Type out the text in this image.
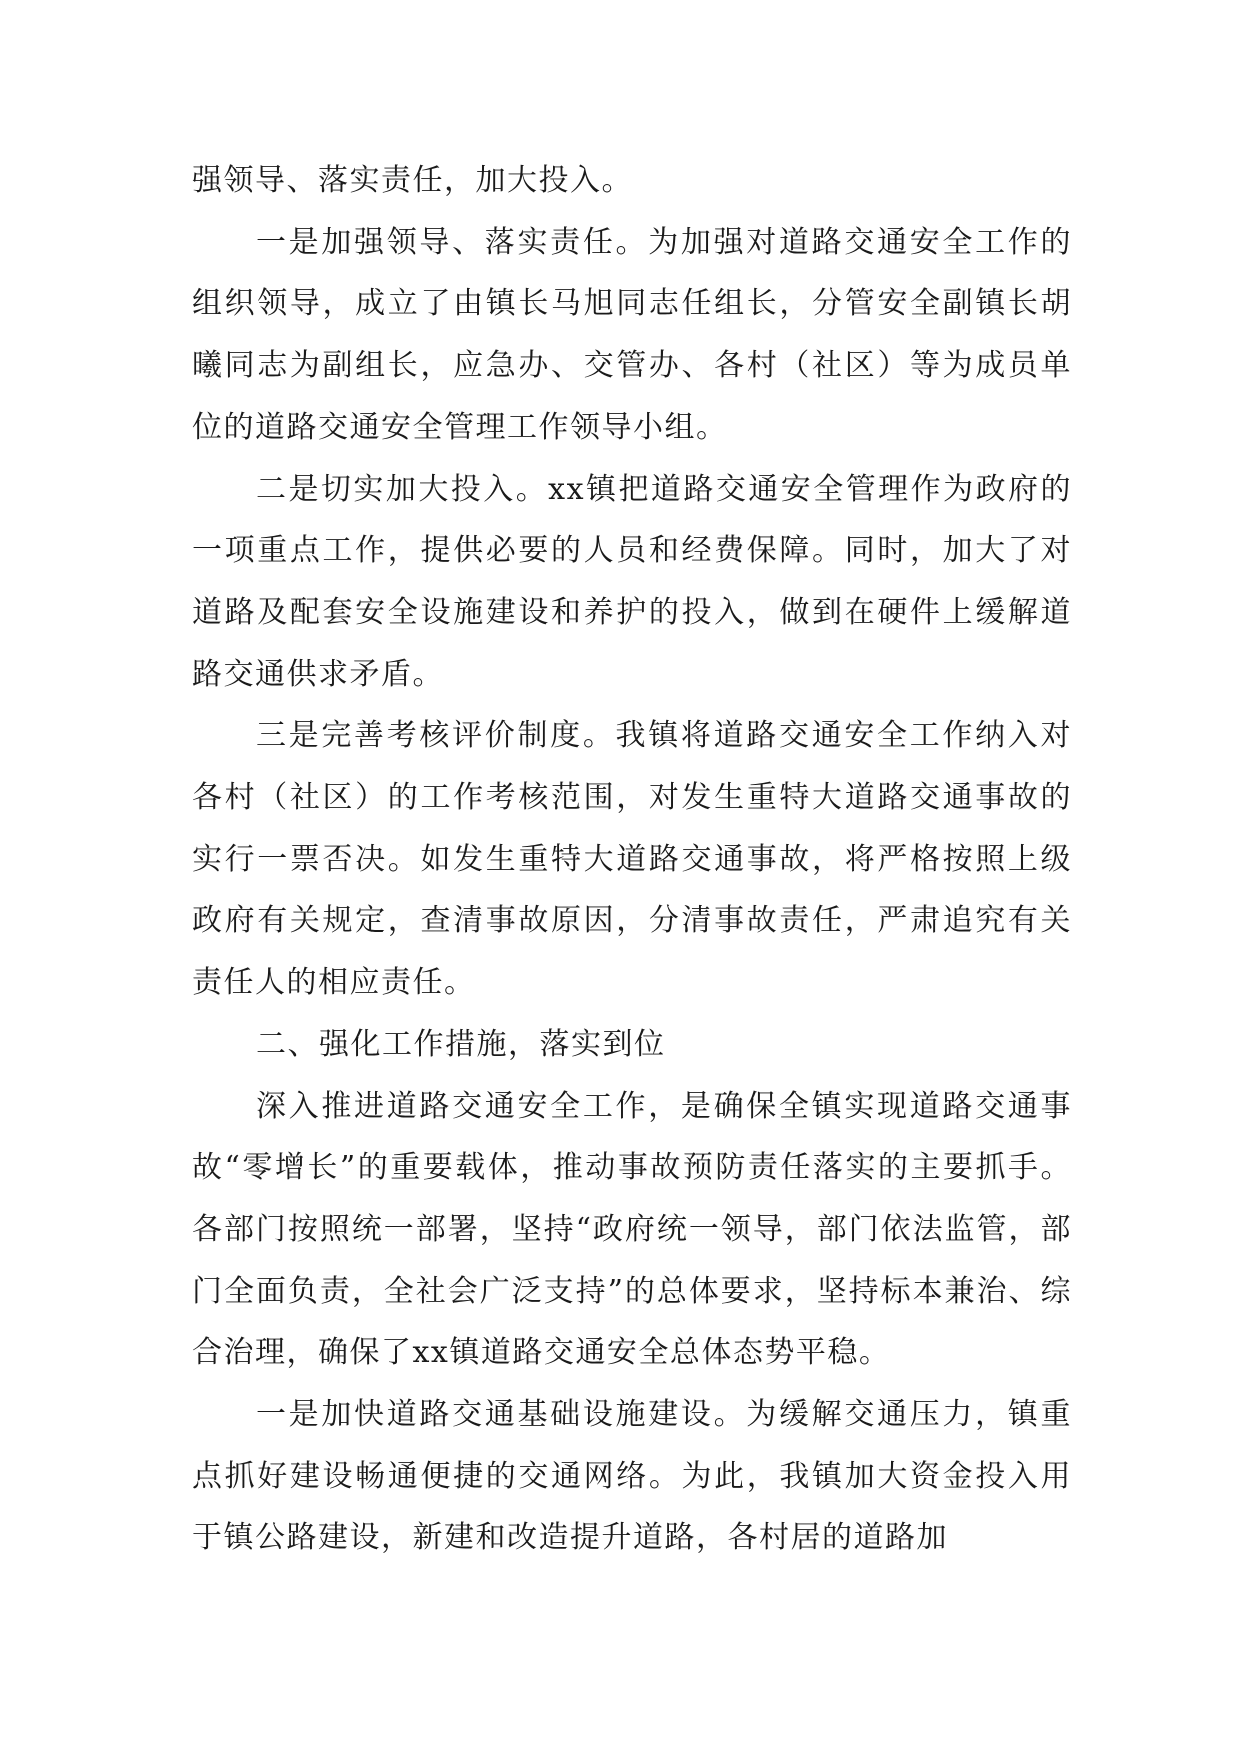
强领导、落实责任，加大投入。

一是加强领导、落实责任。为加强对道路交通安全工作的组织领导，成立了由镇长马旭同志任组长，分管安全副镇长胡曦同志为副组长，应急办、交管办、各村（社区）等为成员单位的道路交通安全管理工作领导小组。

二是切实加大投入。xx镇把道路交通安全管理作为政府的一项重点工作，提供必要的人员和经费保障。同时，加大了对道路及配套安全设施建设和养护的投入，做到在硬件上缓解道路交通供求矛盾。

三是完善考核评价制度。我镇将道路交通安全工作纳入对各村（社区）的工作考核范围，对发生重特大道路交通事故的实行一票否决。如发生重特大道路交通事故，将严格按照上级政府有关规定，查清事故原因，分清事故责任，严肃追究有关责任人的相应责任。

二、强化工作措施，落实到位

深入推进道路交通安全工作，是确保全镇实现道路交通事故“零增长”的重要载体，推动事故预防责任落实的主要抓手。各部门按照统一部署，坚持“政府统一领导，部门依法监管，部门全面负责，全社会广泛支持”的总体要求，坚持标本兼治、综合治理，确保了xx镇道路交通安全总体态势平稳。

一是加快道路交通基础设施建设。为缓解交通压力，镇重点抓好建设畅通便捷的交通网络。为此，我镇加大资金投入用于镇公路建设，新建和改造提升道路，各村居的道路加
